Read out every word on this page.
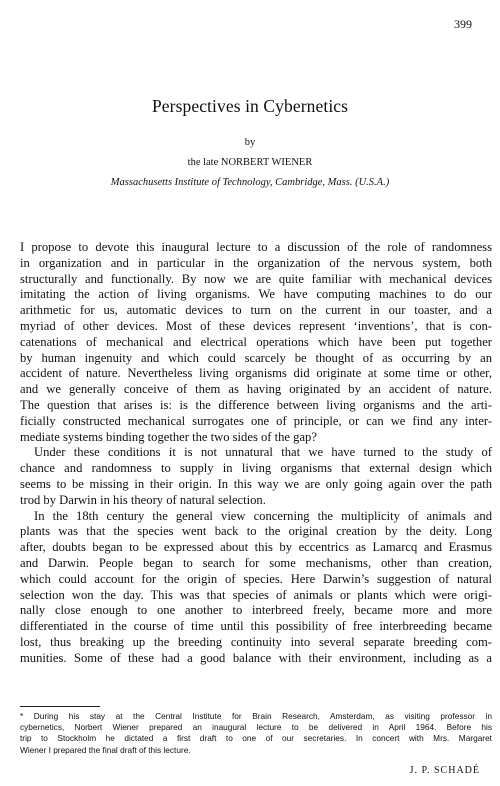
399
Perspectives in Cybernetics
by
the late NORBERT WIENER
Massachusetts Institute of Technology, Cambridge, Mass. (U.S.A.)
I propose to devote this inaugural lecture to a discussion of the role of randomness
in organization and in particular in the organization of the nervous system, both
structurally and functionally. By now we are quite familiar with mechanical devices
imitating the action of living organisms. We have computing machines to do our
arithmetic for us, automatic devices to turn on the current in our toaster, and a
myriad of other devices. Most of these devices represent ‘inventions’, that is con-
catenations of mechanical and electrical operations which have been put together
by human ingenuity and which could scarcely be thought of as occurring by an
accident of nature. Nevertheless living organisms did originate at some time or other,
and we generally conceive of them as having originated by an accident of nature.
The question that arises is: is the difference between living organisms and the arti-
ficially constructed mechanical surrogates one of principle, or can we find any inter-
mediate systems binding together the two sides of the gap?
Under these conditions it is not unnatural that we have turned to the study of
chance and randomness to supply in living organisms that external design which
seems to be missing in their origin. In this way we are only going again over the path
trod by Darwin in his theory of natural selection.
In the 18th century the general view concerning the multiplicity of animals and
plants was that the species went back to the original creation by the deity. Long
after, doubts began to be expressed about this by eccentrics as Lamarcq and Erasmus
and Darwin. People began to search for some mechanisms, other than creation,
which could account for the origin of species. Here Darwin’s suggestion of natural
selection won the day. This was that species of animals or plants which were origi-
nally close enough to one another to interbreed freely, became more and more
differentiated in the course of time until this possibility of free interbreeding became
lost, thus breaking up the breeding continuity into several separate breeding com-
munities. Some of these had a good balance with their environment, including as a
* During his stay at the Central Institute for Brain Research, Amsterdam, as visiting professor in
cybernetics, Norbert Wiener prepared an inaugural lecture to be delivered in April 1964. Before his
trip to Stockholm he dictated a first draft to one of our secretaries. In concert with Mrs. Margaret
Wiener I prepared the final draft of this lecture.
J. P. SCHADÉ
